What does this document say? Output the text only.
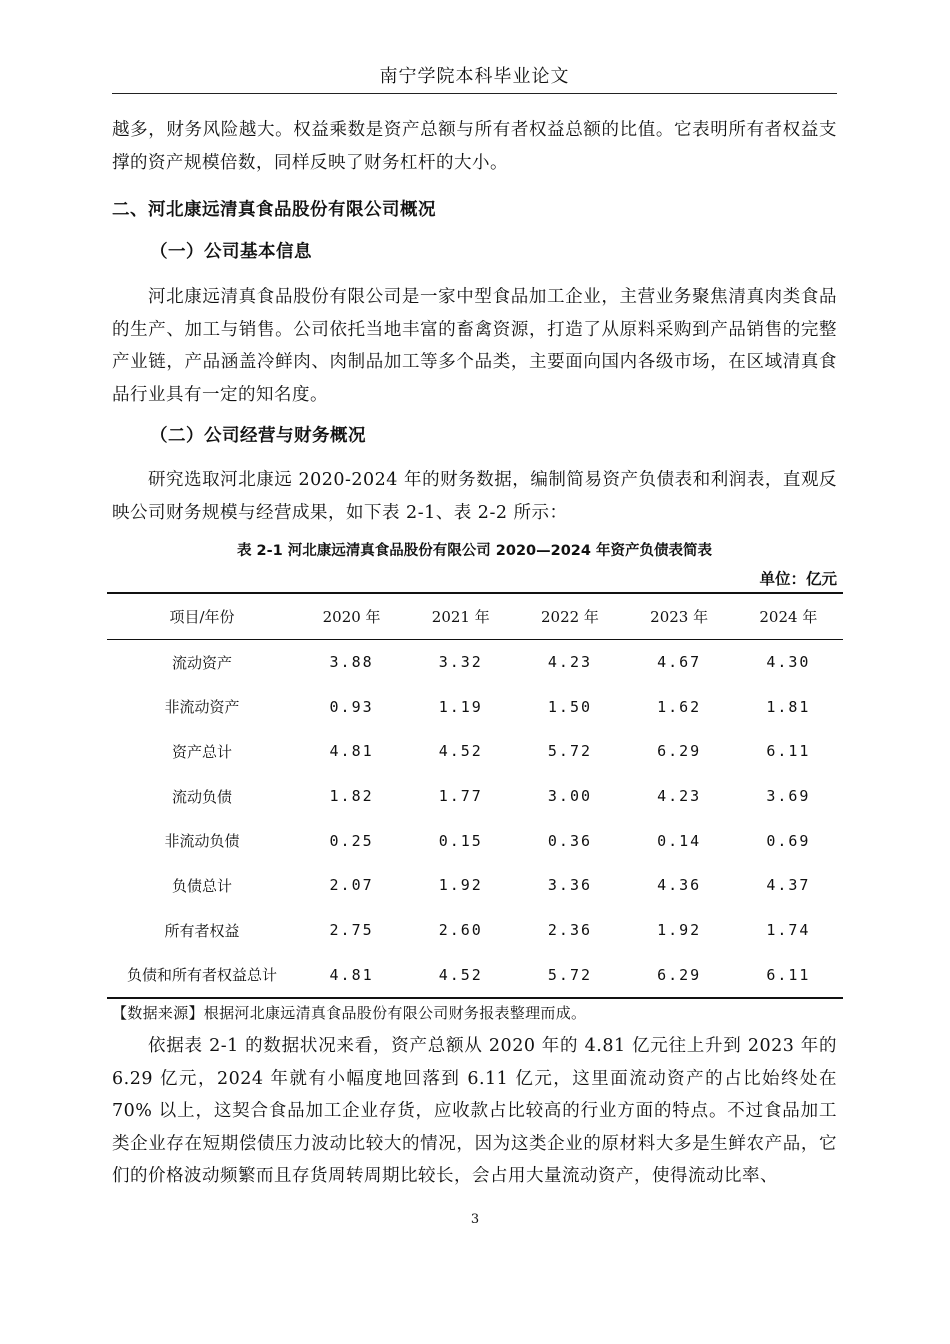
南宁学院本科毕业论文
越多，财务风险越大。权益乘数是资产总额与所有者权益总额的比值。它表明所有者权益支撑的资产规模倍数，同样反映了财务杠杆的大小。
二、河北康远清真食品股份有限公司概况
（一）公司基本信息
河北康远清真食品股份有限公司是一家中型食品加工企业，主营业务聚焦清真肉类食品的生产、加工与销售。公司依托当地丰富的畜禽资源，打造了从原料采购到产品销售的完整产业链，产品涵盖冷鲜肉、肉制品加工等多个品类，主要面向国内各级市场，在区域清真食品行业具有一定的知名度。
（二）公司经营与财务概况
研究选取河北康远 2020-2024 年的财务数据，编制简易资产负债表和利润表，直观反映公司财务规模与经营成果，如下表 2-1、表 2-2 所示：
表 2-1 河北康远清真食品股份有限公司 2020—2024 年资产负债表简表
单位：亿元
项目/年份	2020 年	2021 年	2022 年	2023 年	2024 年
流动资产	3.88	3.32	4.23	4.67	4.30
非流动资产	0.93	1.19	1.50	1.62	1.81
资产总计	4.81	4.52	5.72	6.29	6.11
流动负债	1.82	1.77	3.00	4.23	3.69
非流动负债	0.25	0.15	0.36	0.14	0.69
负债总计	2.07	1.92	3.36	4.36	4.37
所有者权益	2.75	2.60	2.36	1.92	1.74
负债和所有者权益总计	4.81	4.52	5.72	6.29	6.11
【数据来源】根据河北康远清真食品股份有限公司财务报表整理而成。
依据表 2-1 的数据状况来看，资产总额从 2020 年的 4.81 亿元往上升到 2023 年的 6.29 亿元，2024 年就有小幅度地回落到 6.11 亿元，这里面流动资产的占比始终处在 70% 以上，这契合食品加工企业存货，应收款占比较高的行业方面的特点。不过食品加工类企业存在短期偿债压力波动比较大的情况，因为这类企业的原材料大多是生鲜农产品，它们的价格波动频繁而且存货周转周期比较长，会占用大量流动资产，使得流动比率、
3
